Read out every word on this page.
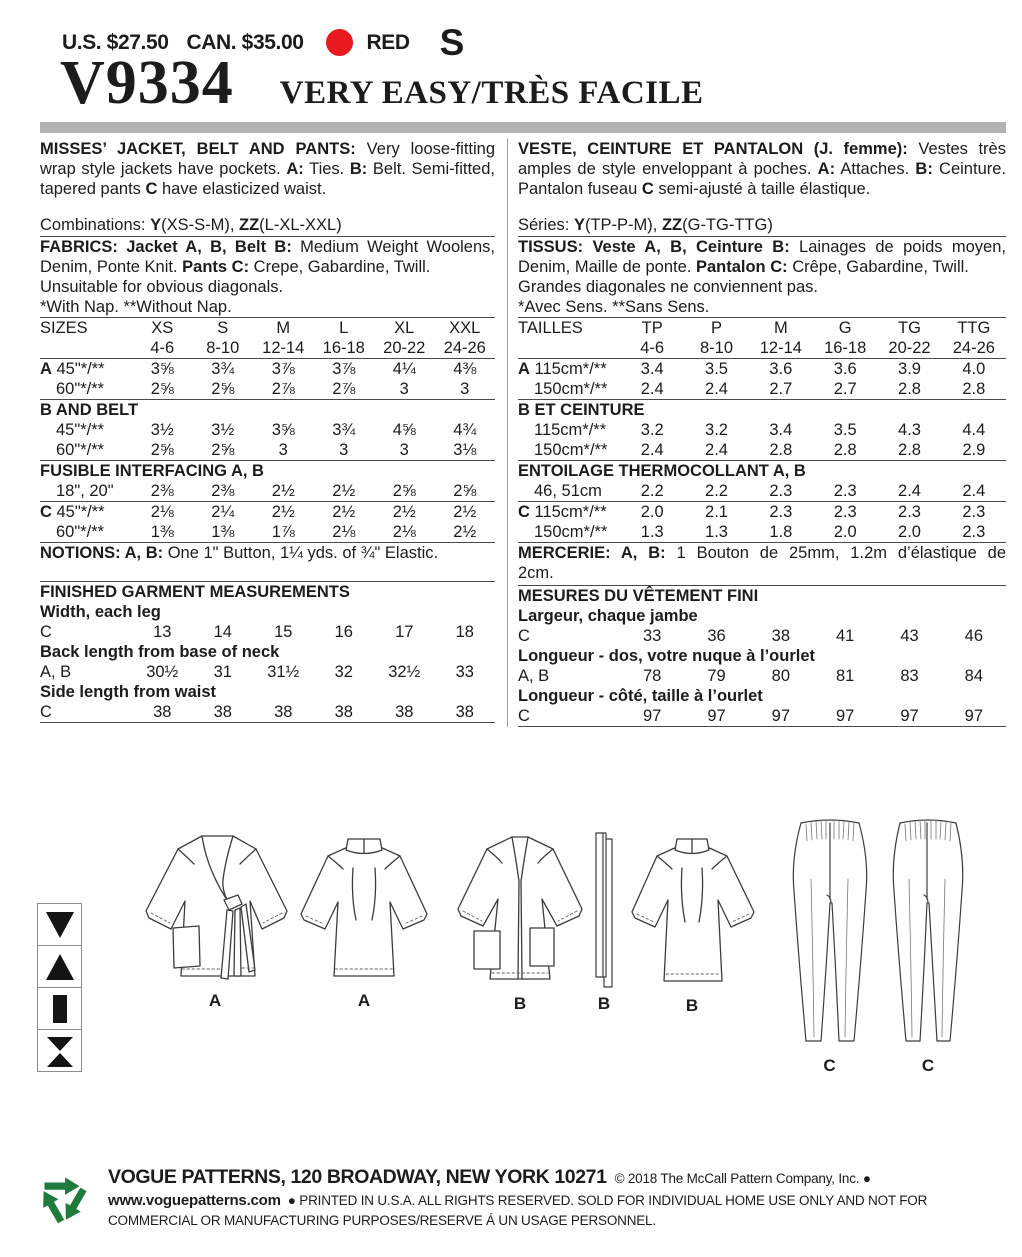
U.S. $27.50 CAN. $35.00	RED S
V9334 VERY EASY/TRÈS FACILE
MISSES’ JACKET, BELT AND PANTS: Very loose-fitting wrap style jackets have pockets. A: Ties. B: Belt. Semi-fitted, tapered pants C have elasticized waist.
Combinations: Y(XS-S-M), ZZ(L-XL-XXL)
FABRICS: Jacket A, B, Belt B: Medium Weight Woolens, Denim, Ponte Knit. Pants C: Crepe, Gabardine, Twill.
Unsuitable for obvious diagonals.
*With Nap. **Without Nap.
SIZES	XS	S	M	L	XL	XXL
4-6	8-10	12-14	16-18	20-22	24-26
A 45"*/**	3⅝	3¾	3⅞	3⅞	4¼	4⅜
60"*/**	2⅝	2⅝	2⅞	2⅞	3	3
B AND BELT
45"*/**	3½	3½	3⅝	3¾	4⅝	4¾
60"*/**	2⅝	2⅝	3	3	3	3⅛
FUSIBLE INTERFACING A, B
18", 20"	2⅜	2⅜	2½	2½	2⅝	2⅝
C 45"*/**	2⅛	2¼	2½	2½	2½	2½
60"*/**	1⅜	1⅜	1⅞	2⅛	2⅛	2½
NOTIONS: A, B: One 1" Button, 1¼ yds. of ¾" Elastic.
FINISHED GARMENT MEASUREMENTS
Width, each leg
C	13	14	15	16	17	18
Back length from base of neck
A, B	30½	31	31½	32	32½	33
Side length from waist
C	38	38	38	38	38	38
VESTE, CEINTURE ET PANTALON (J. femme): Vestes très amples de style enveloppant à poches. A: Attaches. B: Ceinture. Pantalon fuseau C semi-ajusté à taille élastique.
Séries: Y(TP-P-M), ZZ(G-TG-TTG)
TISSUS: Veste A, B, Ceinture B: Lainages de poids moyen, Denim, Maille de ponte. Pantalon C: Crêpe, Gabardine, Twill.
Grandes diagonales ne conviennent pas.
*Avec Sens. **Sans Sens.
TAILLES	TP	P	M	G	TG	TTG
4-6	8-10	12-14	16-18	20-22	24-26
A 115cm*/**	3.4	3.5	3.6	3.6	3.9	4.0
150cm*/**	2.4	2.4	2.7	2.7	2.8	2.8
B ET CEINTURE
115cm*/**	3.2	3.2	3.4	3.5	4.3	4.4
150cm*/**	2.4	2.4	2.8	2.8	2.8	2.9
ENTOILAGE THERMOCOLLANT A, B
46, 51cm	2.2	2.2	2.3	2.3	2.4	2.4
C 115cm*/**	2.0	2.1	2.3	2.3	2.3	2.3
150cm*/**	1.3	1.3	1.8	2.0	2.0	2.3
MERCERIE: A, B: 1 Bouton de 25mm, 1.2m d’élastique de
2cm.
MESURES DU VÊTEMENT FINI
Largeur, chaque jambe
C	33	36	38	41	43	46
Longueur - dos, votre nuque à l’ourlet
A, B	78	79	80	81	83	84
Longueur - côté, taille à l’ourlet
C	97	97	97	97	97	97
A	A	B	B	B
C	C
VOGUE PATTERNS, 120 BROADWAY, NEW YORK 10271 © 2018 The McCall Pattern Company, Inc. ●
www.voguepatterns.com ● PRINTED IN U.S.A. ALL RIGHTS RESERVED. SOLD FOR INDIVIDUAL HOME USE ONLY AND NOT FOR
COMMERCIAL OR MANUFACTURING PURPOSES/RESERVE Á UN USAGE PERSONNEL.
